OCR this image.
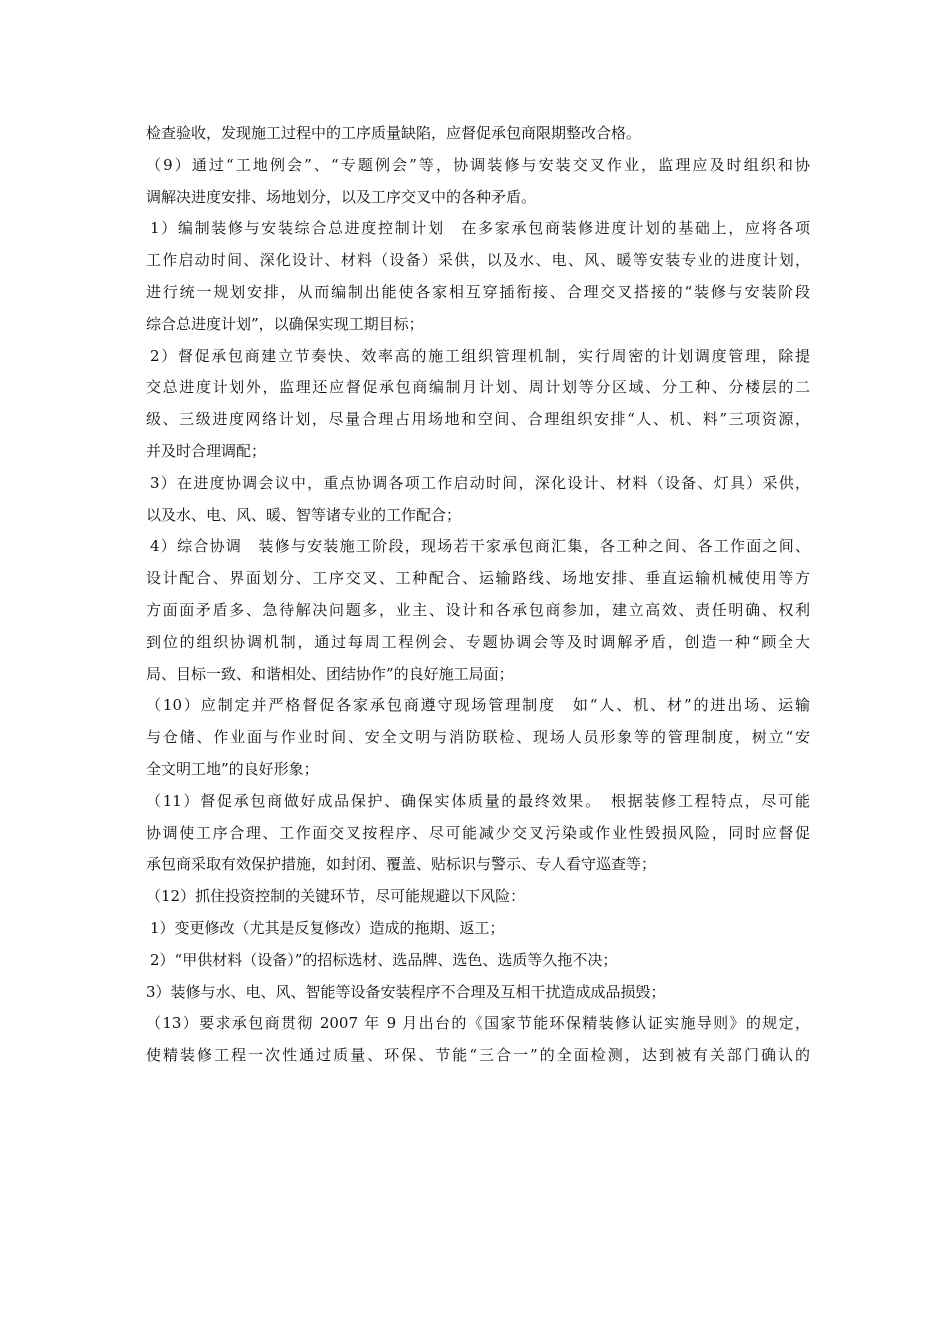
检查验收，发现施工过程中的工序质量缺陷，应督促承包商限期整改合格。
（9）通过“工地例会”、“专题例会”等，协调装修与安装交叉作业，监理应及时组织和协
调解决进度安排、场地划分，以及工序交叉中的各种矛盾。
1）编制装修与安装综合总进度控制计划　在多家承包商装修进度计划的基础上，应将各项
工作启动时间、深化设计、材料（设备）采供，以及水、电、风、暖等安装专业的进度计划，
进行统一规划安排，从而编制出能使各家相互穿插衔接、合理交叉搭接的“装修与安装阶段
综合总进度计划”，以确保实现工期目标；
2）督促承包商建立节奏快、效率高的施工组织管理机制，实行周密的计划调度管理，除提
交总进度计划外，监理还应督促承包商编制月计划、周计划等分区域、分工种、分楼层的二
级、三级进度网络计划，尽量合理占用场地和空间、合理组织安排“人、机、料”三项资源，
并及时合理调配；
3）在进度协调会议中，重点协调各项工作启动时间，深化设计、材料（设备、灯具）采供，
以及水、电、风、暖、智等诸专业的工作配合；
4）综合协调　装修与安装施工阶段，现场若干家承包商汇集，各工种之间、各工作面之间、
设计配合、界面划分、工序交叉、工种配合、运输路线、场地安排、垂直运输机械使用等方
方面面矛盾多、急待解决问题多，业主、设计和各承包商参加，建立高效、责任明确、权利
到位的组织协调机制，通过每周工程例会、专题协调会等及时调解矛盾，创造一种“顾全大
局、目标一致、和谐相处、团结协作”的良好施工局面；
（10）应制定并严格督促各家承包商遵守现场管理制度　如“人、机、材”的进出场、运输
与仓储、作业面与作业时间、安全文明与消防联检、现场人员形象等的管理制度，树立“安
全文明工地”的良好形象；
（11）督促承包商做好成品保护、确保实体质量的最终效果。　根据装修工程特点，尽可能
协调使工序合理、工作面交叉按程序、尽可能减少交叉污染或作业性毁损风险，同时应督促
承包商采取有效保护措施，如封闭、覆盖、贴标识与警示、专人看守巡查等；
（12）抓住投资控制的关键环节，尽可能规避以下风险：
1）变更修改（尤其是反复修改）造成的拖期、返工；
2）“甲供材料（设备）”的招标选材、选品牌、选色、选质等久拖不决；
3）装修与水、电、风、智能等设备安装程序不合理及互相干扰造成成品损毁；
（13）要求承包商贯彻 2007 年 9 月出台的《国家节能环保精装修认证实施导则》的规定，
使精装修工程一次性通过质量、环保、节能“三合一”的全面检测，达到被有关部门确认的
